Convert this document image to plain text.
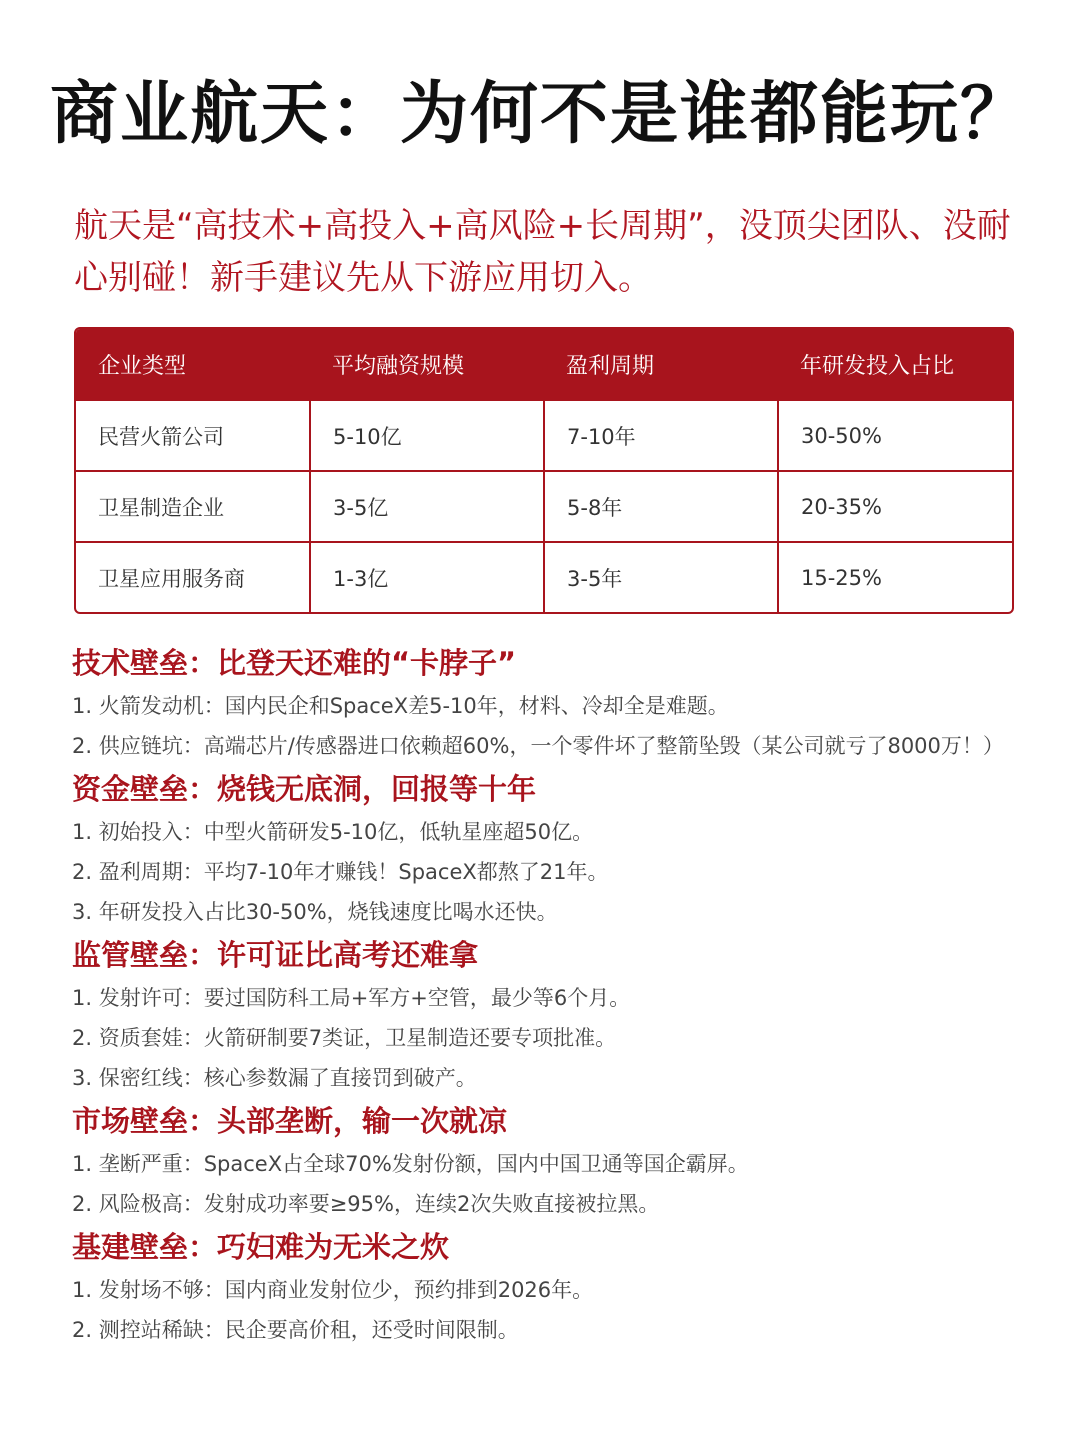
商业航天：为何不是谁都能玩？
航天是“高技术+高投入+高风险+长周期”，没顶尖团队、没耐心别碰！新手建议先从下游应用切入。
企业类型	平均融资规模	盈利周期	年研发投入占比
民营火箭公司	5-10亿	7-10年	30-50%
卫星制造企业	3-5亿	5-8年	20-35%
卫星应用服务商	1-3亿	3-5年	15-25%
技术壁垒：比登天还难的“卡脖子”

1. 火箭发动机：国内民企和SpaceX差5-10年，材料、冷却全是难题。

2. 供应链坑：高端芯片/传感器进口依赖超60%，一个零件坏了整箭坠毁（某公司就亏了8000万！）

资金壁垒：烧钱无底洞，回报等十年

1. 初始投入：中型火箭研发5-10亿，低轨星座超50亿。

2. 盈利周期：平均7-10年才赚钱！SpaceX都熬了21年。

3. 年研发投入占比30-50%，烧钱速度比喝水还快。

监管壁垒：许可证比高考还难拿

1. 发射许可：要过国防科工局+军方+空管，最少等6个月。

2. 资质套娃：火箭研制要7类证，卫星制造还要专项批准。

3. 保密红线：核心参数漏了直接罚到破产。

市场壁垒：头部垄断，输一次就凉

1. 垄断严重：SpaceX占全球70%发射份额，国内中国卫通等国企霸屏。

2. 风险极高：发射成功率要≥95%，连续2次失败直接被拉黑。

基建壁垒：巧妇难为无米之炊

1. 发射场不够：国内商业发射位少，预约排到2026年。

2. 测控站稀缺：民企要高价租，还受时间限制。
